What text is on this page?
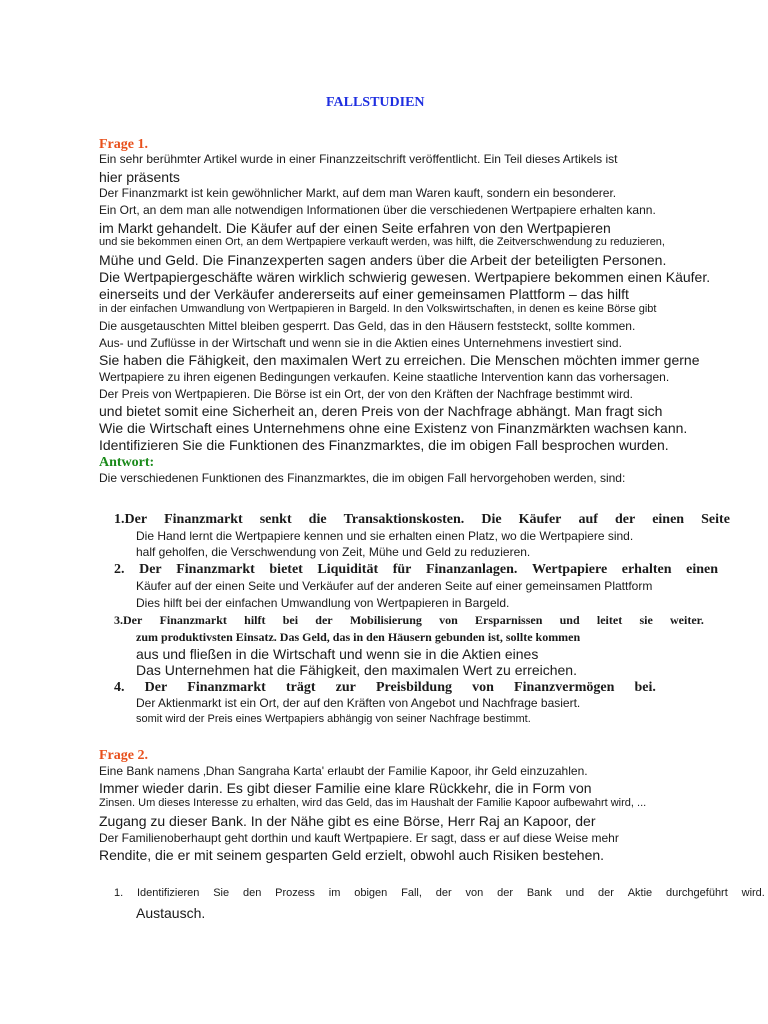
FALLSTUDIEN
Frage 1.
Ein sehr berühmter Artikel wurde in einer Finanzzeitschrift veröffentlicht. Ein Teil dieses Artikels ist
hier präsents
Der Finanzmarkt ist kein gewöhnlicher Markt, auf dem man Waren kauft, sondern ein besonderer.
Ein Ort, an dem man alle notwendigen Informationen über die verschiedenen Wertpapiere erhalten kann.
im Markt gehandelt. Die Käufer auf der einen Seite erfahren von den Wertpapieren
und sie bekommen einen Ort, an dem Wertpapiere verkauft werden, was hilft, die Zeitverschwendung zu reduzieren,
Mühe und Geld. Die Finanzexperten sagen anders über die Arbeit der beteiligten Personen.
Die Wertpapiergeschäfte wären wirklich schwierig gewesen. Wertpapiere bekommen einen Käufer.
einerseits und der Verkäufer andererseits auf einer gemeinsamen Plattform – das hilft
in der einfachen Umwandlung von Wertpapieren in Bargeld. In den Volkswirtschaften, in denen es keine Börse gibt
Die ausgetauschten Mittel bleiben gesperrt. Das Geld, das in den Häusern feststeckt, sollte kommen.
Aus- und Zuflüsse in der Wirtschaft und wenn sie in die Aktien eines Unternehmens investiert sind.
Sie haben die Fähigkeit, den maximalen Wert zu erreichen. Die Menschen möchten immer gerne
Wertpapiere zu ihren eigenen Bedingungen verkaufen. Keine staatliche Intervention kann das vorhersagen.
Der Preis von Wertpapieren. Die Börse ist ein Ort, der von den Kräften der Nachfrage bestimmt wird.
und bietet somit eine Sicherheit an, deren Preis von der Nachfrage abhängt. Man fragt sich
Wie die Wirtschaft eines Unternehmens ohne eine Existenz von Finanzmärkten wachsen kann.
Identifizieren Sie die Funktionen des Finanzmarktes, die im obigen Fall besprochen wurden.
Antwort:
Die verschiedenen Funktionen des Finanzmarktes, die im obigen Fall hervorgehoben werden, sind:
1.Der Finanzmarkt senkt die Transaktionskosten. Die Käufer auf der einen Seite
Die Hand lernt die Wertpapiere kennen und sie erhalten einen Platz, wo die Wertpapiere sind.
half geholfen, die Verschwendung von Zeit, Mühe und Geld zu reduzieren.
2. Der Finanzmarkt bietet Liquidität für Finanzanlagen. Wertpapiere erhalten einen
Käufer auf der einen Seite und Verkäufer auf der anderen Seite auf einer gemeinsamen Plattform
Dies hilft bei der einfachen Umwandlung von Wertpapieren in Bargeld.
3.Der Finanzmarkt hilft bei der Mobilisierung von Ersparnissen und leitet sie weiter.
zum produktivsten Einsatz. Das Geld, das in den Häusern gebunden ist, sollte kommen
aus und fließen in die Wirtschaft und wenn sie in die Aktien eines
Das Unternehmen hat die Fähigkeit, den maximalen Wert zu erreichen.
4. Der Finanzmarkt trägt zur Preisbildung von Finanzvermögen bei.
Der Aktienmarkt ist ein Ort, der auf den Kräften von Angebot und Nachfrage basiert.
somit wird der Preis eines Wertpapiers abhängig von seiner Nachfrage bestimmt.
Frage 2.
Eine Bank namens ‚Dhan Sangraha Karta' erlaubt der Familie Kapoor, ihr Geld einzuzahlen.
Immer wieder darin. Es gibt dieser Familie eine klare Rückkehr, die in Form von
Zinsen. Um dieses Interesse zu erhalten, wird das Geld, das im Haushalt der Familie Kapoor aufbewahrt wird, ...
Zugang zu dieser Bank. In der Nähe gibt es eine Börse, Herr Raj an Kapoor, der
Der Familienoberhaupt geht dorthin und kauft Wertpapiere. Er sagt, dass er auf diese Weise mehr
Rendite, die er mit seinem gesparten Geld erzielt, obwohl auch Risiken bestehen.
1. Identifizieren Sie den Prozess im obigen Fall, der von der Bank und der Aktie durchgeführt wird.
Austausch.
